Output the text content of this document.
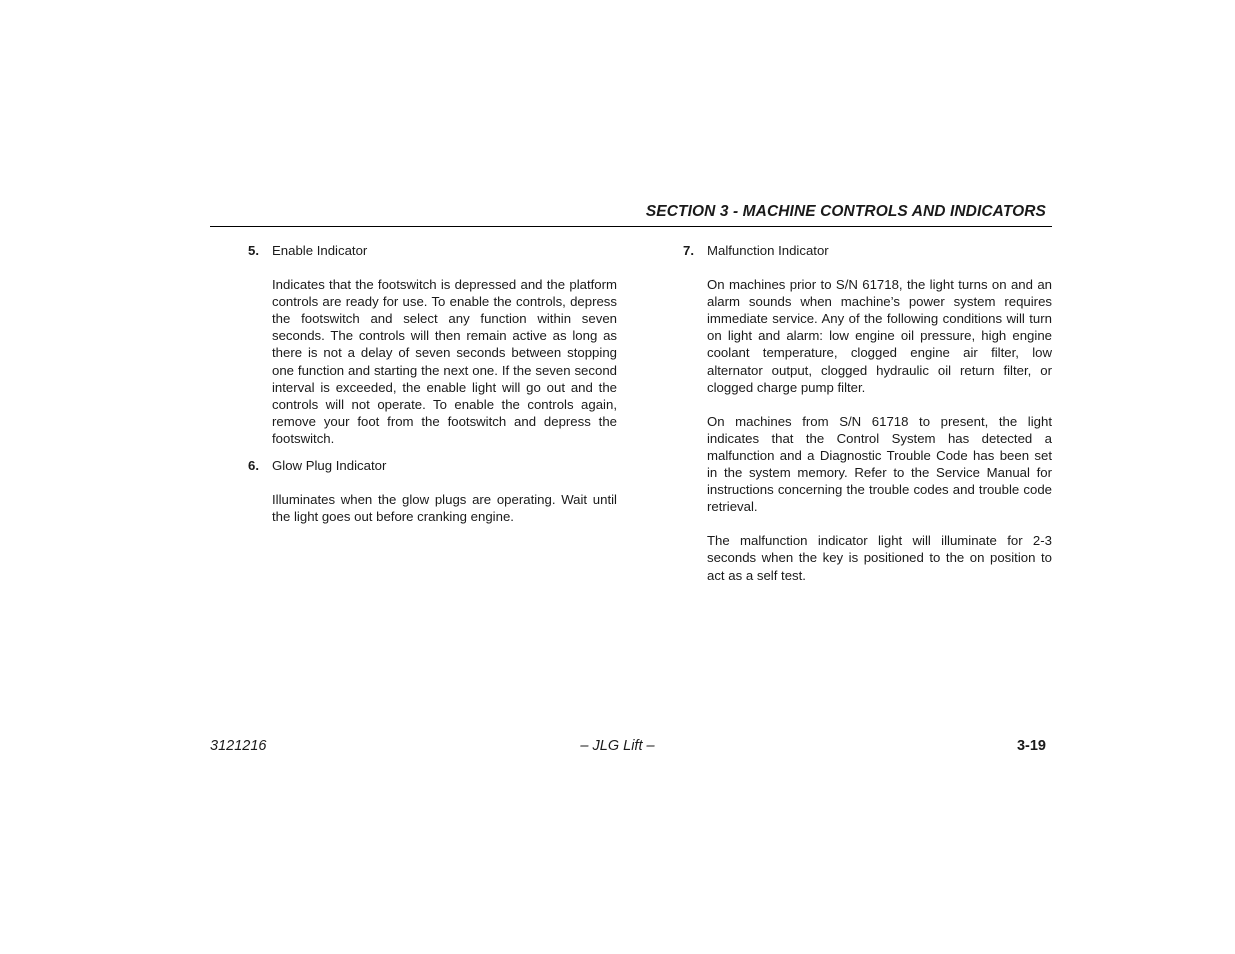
SECTION 3 - MACHINE CONTROLS AND INDICATORS
5. Enable Indicator

Indicates that the footswitch is depressed and the platform controls are ready for use. To enable the controls, depress the footswitch and select any function within seven seconds. The controls will then remain active as long as there is not a delay of seven seconds between stopping one function and starting the next one. If the seven second interval is exceeded, the enable light will go out and the controls will not operate. To enable the controls again, remove your foot from the footswitch and depress the footswitch.

6. Glow Plug Indicator

Illuminates when the glow plugs are operating. Wait until the light goes out before cranking engine.

7. Malfunction Indicator

On machines prior to S/N 61718, the light turns on and an alarm sounds when machine’s power system requires immediate service. Any of the following conditions will turn on light and alarm: low engine oil pressure, high engine coolant temperature, clogged engine air filter, low alternator output, clogged hydraulic oil return filter, or clogged charge pump filter.

On machines from S/N 61718 to present, the light indicates that the Control System has detected a malfunction and a Diagnostic Trouble Code has been set in the system memory. Refer to the Service Manual for instructions concerning the trouble codes and trouble code retrieval.

The malfunction indicator light will illuminate for 2-3 seconds when the key is positioned to the on position to act as a self test.

3121216	– JLG Lift –	3-19
